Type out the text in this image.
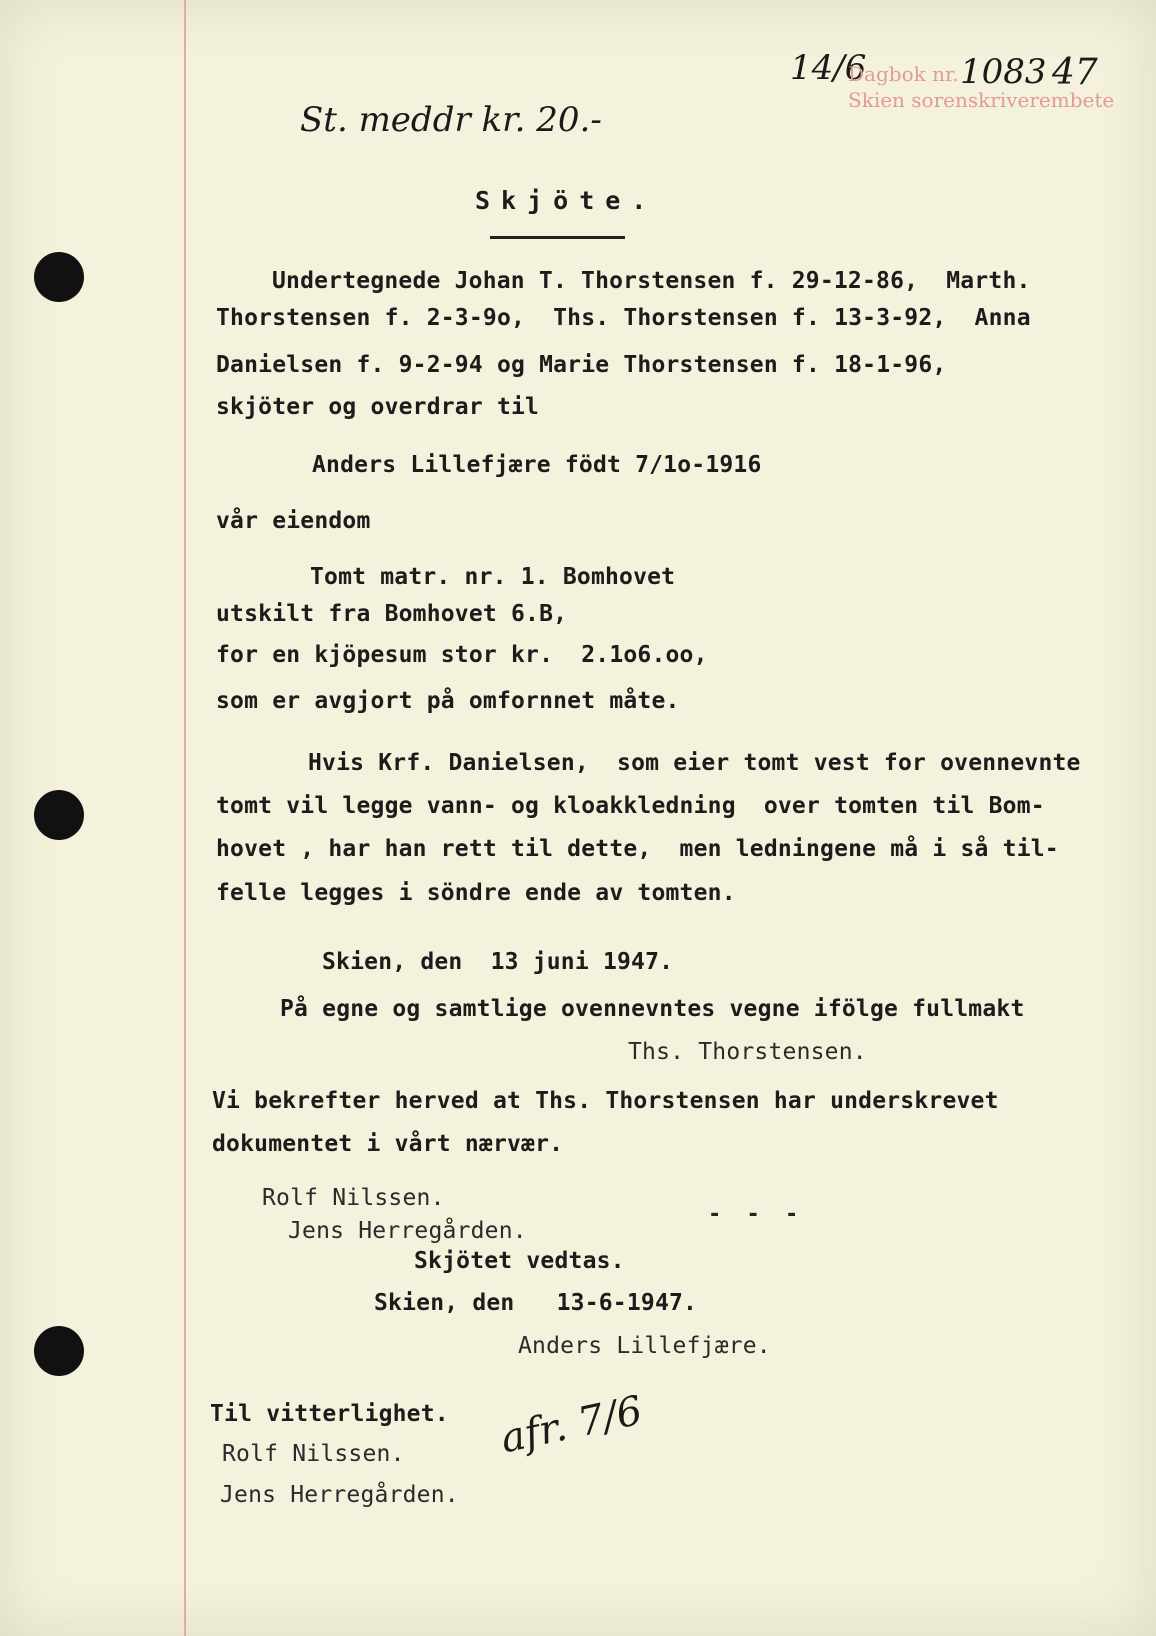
St. meddr kr. 20.-
14/6
Dagbok nr. 1083 47
Skien sorenskriverembete
Skjöte.
Undertegnede Johan T. Thorstensen f. 29-12-86,  Marth.
Thorstensen f. 2-3-9o,  Ths. Thorstensen f. 13-3-92,  Anna
Danielsen f. 9-2-94 og Marie Thorstensen f. 18-1-96,
skjöter og overdrar til
Anders Lillefjære födt 7/1o-1916
vår eiendom
Tomt matr. nr. 1. Bomhovet
utskilt fra Bomhovet 6.B,
for en kjöpesum stor kr.  2.1o6.oo,
som er avgjort på omfornnet måte.
Hvis Krf. Danielsen,  som eier tomt vest for ovennevnte
tomt vil legge vann- og kloakkledning  over tomten til Bom-
hovet , har han rett til dette,  men ledningene må i så til-
felle legges i söndre ende av tomten.
Skien, den  13 juni 1947.
På egne og samtlige ovennevntes vegne ifölge fullmakt
Ths. Thorstensen.
Vi bekrefter herved at Ths. Thorstensen har underskrevet
dokumentet i vårt nærvær.
Rolf Nilssen.
Jens Herregården.
- - -
Skjötet vedtas.
Skien, den   13-6-1947.
Anders Lillefjære.
Til vitterlighet.
Rolf Nilssen.
Jens Herregården.
afr. 7/6
